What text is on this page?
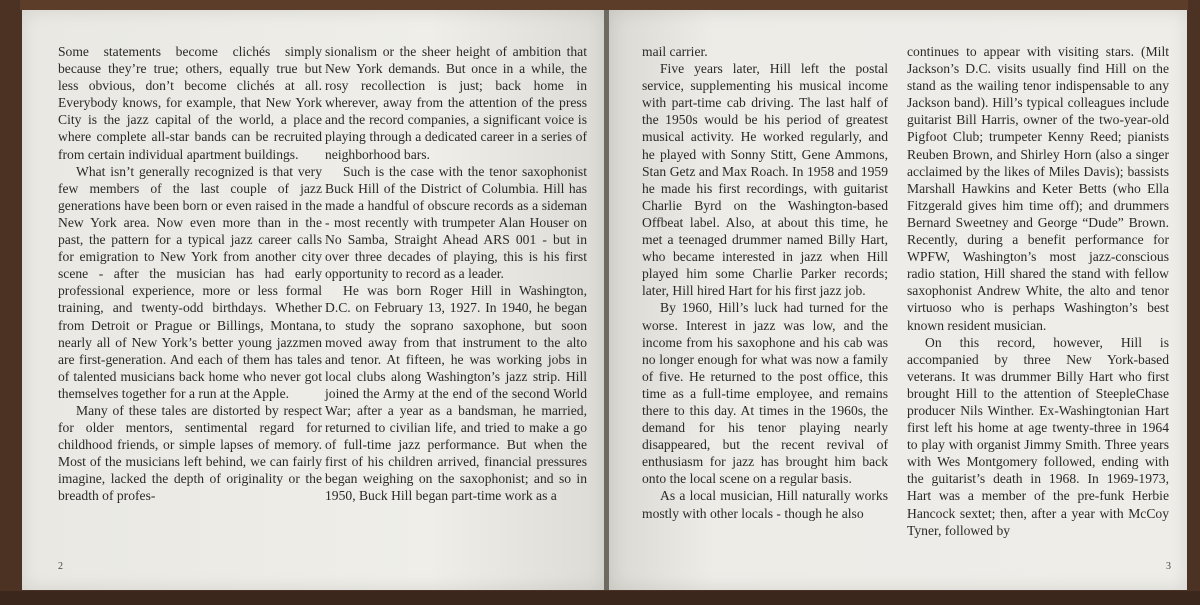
Some statements become clichés simply because they’re true; others, equally true but less obvious, don’t become clichés at all. Everybody knows, for example, that New York City is the jazz capital of the world, a place where complete all-star bands can be recruited from certain individual apartment buildings.

What isn’t generally recognized is that very few members of the last couple of jazz generations have been born or even raised in the New York area. Now even more than in the past, the pattern for a typical jazz career calls for emigration to New York from another city scene - after the musician has had early professional experience, more or less formal training, and twenty-odd birthdays. Whether from Detroit or Prague or Billings, Montana, nearly all of New York’s better young jazzmen are first-generation. And each of them has tales of talented musicians back home who never got themselves together for a run at the Apple.

Many of these tales are distorted by respect for older mentors, sentimental regard for childhood friends, or simple lapses of memory. Most of the musicians left behind, we can fairly imagine, lacked the depth of originality or the breadth of profes-

sionalism or the sheer height of ambition that New York demands. But once in a while, the rosy recollection is just; back home in wherever, away from the attention of the press and the record companies, a significant voice is playing through a dedicated career in a series of neighborhood bars.

Such is the case with the tenor saxophonist Buck Hill of the District of Columbia. Hill has made a handful of obscure records as a sideman - most recently with trumpeter Alan Houser on No Samba, Straight Ahead ARS 001 - but in over three decades of playing, this is his first opportunity to record as a leader.

He was born Roger Hill in Washington, D.C. on February 13, 1927. In 1940, he began to study the soprano saxophone, but soon moved away from that instrument to the alto and tenor. At fifteen, he was working jobs in local clubs along Washington’s jazz strip. Hill joined the Army at the end of the second World War; after a year as a bandsman, he married, returned to civilian life, and tried to make a go of full-time jazz performance. But when the first of his children arrived, financial pressures began weighing on the saxophonist; and so in 1950, Buck Hill began part-time work as a

2

mail carrier.

Five years later, Hill left the postal service, supplementing his musical income with part-time cab driving. The last half of the 1950s would be his period of greatest musical activity. He worked regularly, and he played with Sonny Stitt, Gene Ammons, Stan Getz and Max Roach. In 1958 and 1959 he made his first recordings, with guitarist Charlie Byrd on the Washington-based Offbeat label. Also, at about this time, he met a teenaged drummer named Billy Hart, who became interested in jazz when Hill played him some Charlie Parker records; later, Hill hired Hart for his first jazz job.

By 1960, Hill’s luck had turned for the worse. Interest in jazz was low, and the income from his saxophone and his cab was no longer enough for what was now a family of five. He returned to the post office, this time as a full-time employee, and remains there to this day. At times in the 1960s, the demand for his tenor playing nearly disappeared, but the recent revival of enthusiasm for jazz has brought him back onto the local scene on a regular basis.

As a local musician, Hill naturally works mostly with other locals - though he also

continues to appear with visiting stars. (Milt Jackson’s D.C. visits usually find Hill on the stand as the wailing tenor indispensable to any Jackson band). Hill’s typical colleagues include guitarist Bill Harris, owner of the two-year-old Pigfoot Club; trumpeter Kenny Reed; pianists Reuben Brown, and Shirley Horn (also a singer acclaimed by the likes of Miles Davis); bassists Marshall Hawkins and Keter Betts (who Ella Fitzgerald gives him time off); and drummers Bernard Sweetney and George “Dude” Brown. Recently, during a benefit performance for WPFW, Washington’s most jazz-conscious radio station, Hill shared the stand with fellow saxophonist Andrew White, the alto and tenor virtuoso who is perhaps Washington’s best known resident musician.

On this record, however, Hill is accompanied by three New York-based veterans. It was drummer Billy Hart who first brought Hill to the attention of SteepleChase producer Nils Winther. Ex-Washingtonian Hart first left his home at age twenty-three in 1964 to play with organist Jimmy Smith. Three years with Wes Montgomery followed, ending with the guitarist’s death in 1968. In 1969-1973, Hart was a member of the pre-funk Herbie Hancock sextet; then, after a year with McCoy Tyner, followed by

3
